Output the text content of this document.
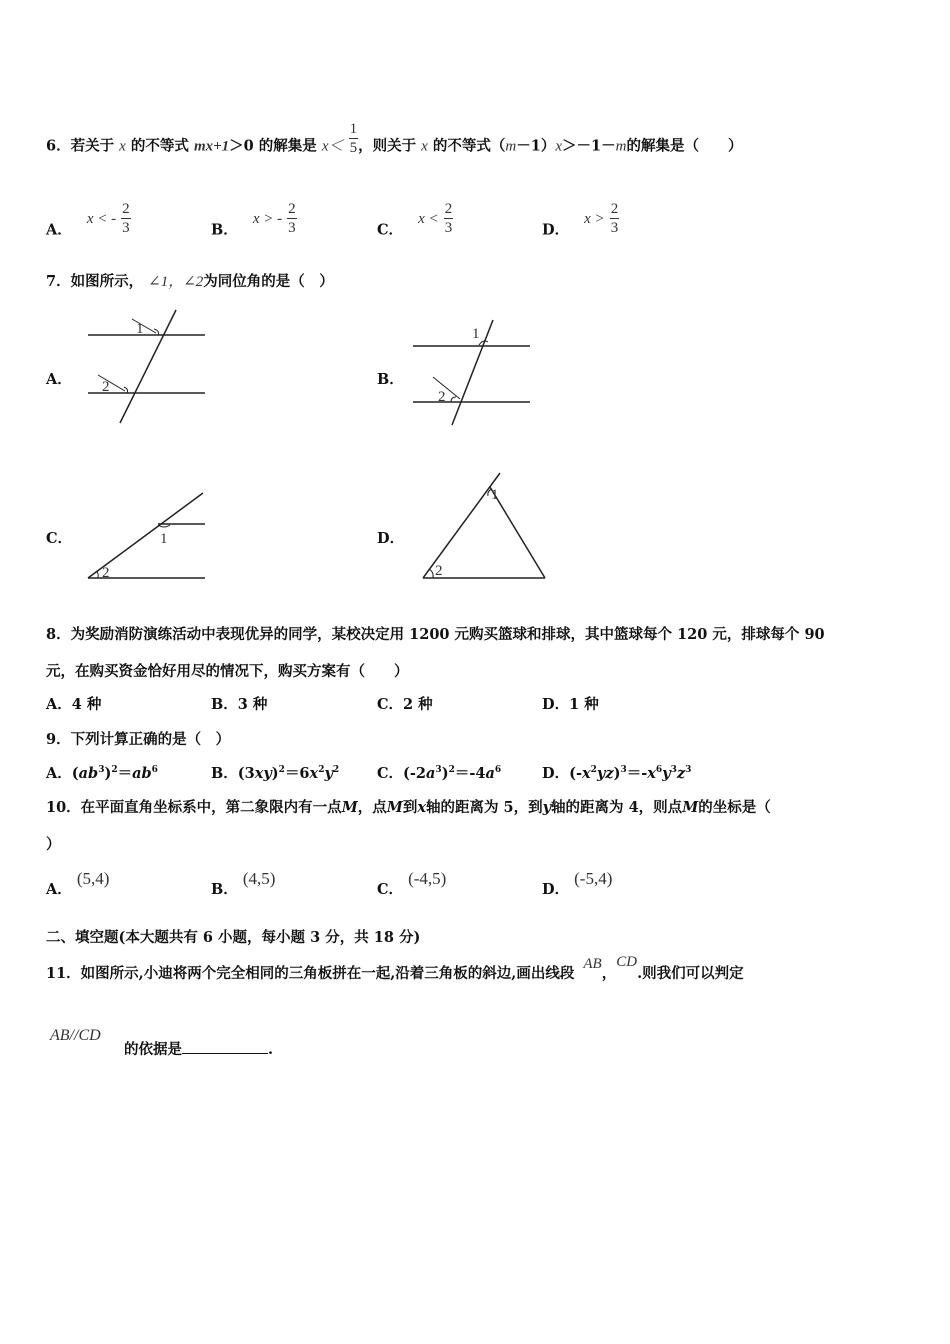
6．若关于 x 的不等式 mx+1＞0 的解集是 $x< \frac{1}{5}$ ，则关于 x 的不等式（m－1）x＞－1－m的解集是（　　）
A． x < - $\frac{2}{3}$	B． x > - $\frac{2}{3}$	C． $x < \frac{2}{3}$	D． $x > \frac{2}{3}$
7．如图所示， ∠1，∠2为同位角的是（　）
A．
1
2	B．
1
2
C．	1
2
D．
1
2
8．为奖励消防演练活动中表现优异的同学，某校决定用 1200 元购买篮球和排球，其中篮球每个 120 元，排球每个 90
元，在购买资金恰好用尽的情况下，购买方案有（　　）
A．4 种	B．3 种	C．2 种	D．1 种
9．下列计算正确的是（　）
A．$(ab^3)^2=ab^6$	B．$(3xy)^2=6x^2y^2$	C．$(-2a^3)^2=-4a^6$	D．$(-x^2yz)^3=-x^6y^3z^3$
10．在平面直角坐标系中，第二象限内有一点M，点M到x轴的距离为 5，到y轴的距离为 4，则点M的坐标是（
）
A． (5,4)
B． (4,5)
C． (-4,5)
D． (-5,4)
二、填空题(本大题共有 6 小题，每小题 3 分，共 18 分)
11．如图所示,小迪将两个完全相同的三角板拼在一起,沿着三角板的斜边,画出线段 AB，CD.则我们可以判定
AB//CD
的依据是	.
